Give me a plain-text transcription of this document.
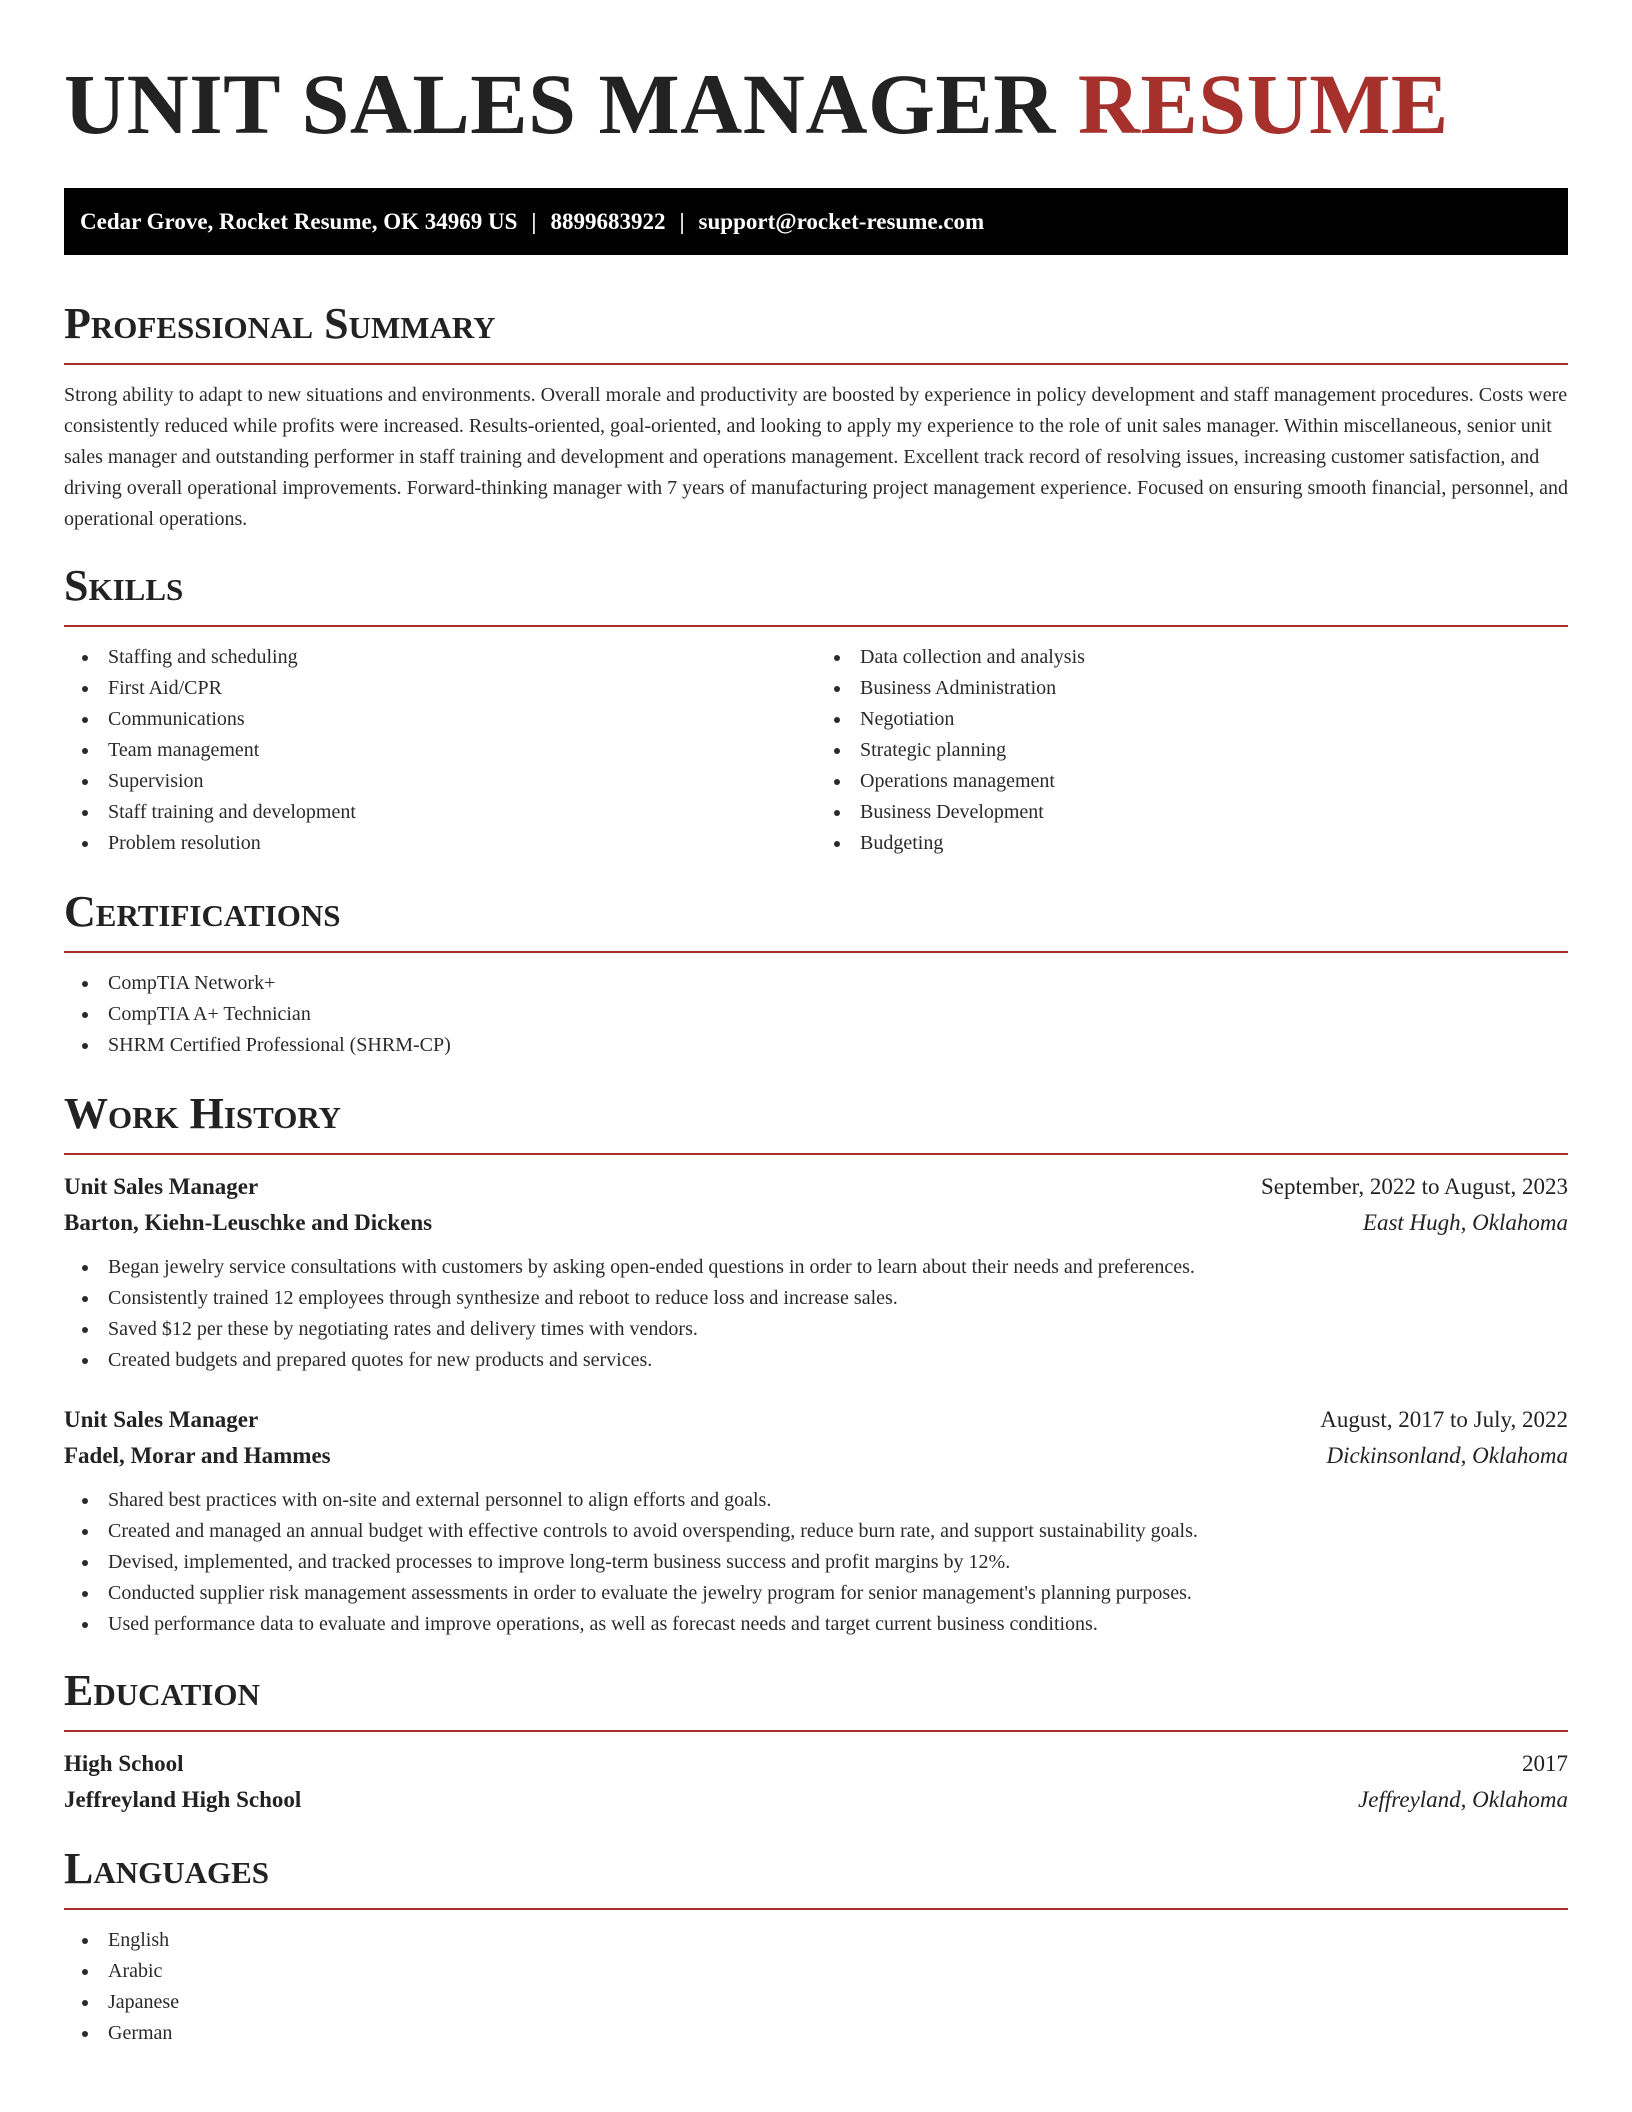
UNIT SALES MANAGER RESUME
Cedar Grove, Rocket Resume, OK 34969 US | 8899683922 | support@rocket-resume.com
Professional Summary

Strong ability to adapt to new situations and environments. Overall morale and productivity are boosted by experience in policy development and staff management procedures. Costs were consistently reduced while profits were increased. Results-oriented, goal-oriented, and looking to apply my experience to the role of unit sales manager. Within miscellaneous, senior unit sales manager and outstanding performer in staff training and development and operations management. Excellent track record of resolving issues, increasing customer satisfaction, and driving overall operational improvements. Forward-thinking manager with 7 years of manufacturing project management experience. Focused on ensuring smooth financial, personnel, and operational operations.

Skills
Staffing and scheduling
First Aid/CPR
Communications
Team management
Supervision
Staff training and development
Problem resolution
Data collection and analysis
Business Administration
Negotiation
Strategic planning
Operations management
Business Development
Budgeting
Certifications
CompTIA Network+
CompTIA A+ Technician
SHRM Certified Professional (SHRM-CP)
Work History
Unit Sales Manager	September, 2022 to August, 2023
Barton, Kiehn-Leuschke and Dickens	East Hugh, Oklahoma
Began jewelry service consultations with customers by asking open-ended questions in order to learn about their needs and preferences.
Consistently trained 12 employees through synthesize and reboot to reduce loss and increase sales.
Saved $12 per these by negotiating rates and delivery times with vendors.
Created budgets and prepared quotes for new products and services.
Unit Sales Manager	August, 2017 to July, 2022
Fadel, Morar and Hammes	Dickinsonland, Oklahoma
Shared best practices with on-site and external personnel to align efforts and goals.
Created and managed an annual budget with effective controls to avoid overspending, reduce burn rate, and support sustainability goals.
Devised, implemented, and tracked processes to improve long-term business success and profit margins by 12%.
Conducted supplier risk management assessments in order to evaluate the jewelry program for senior management's planning purposes.
Used performance data to evaluate and improve operations, as well as forecast needs and target current business conditions.
Education
High School	2017
Jeffreyland High School	Jeffreyland, Oklahoma
Languages
English
Arabic
Japanese
German
